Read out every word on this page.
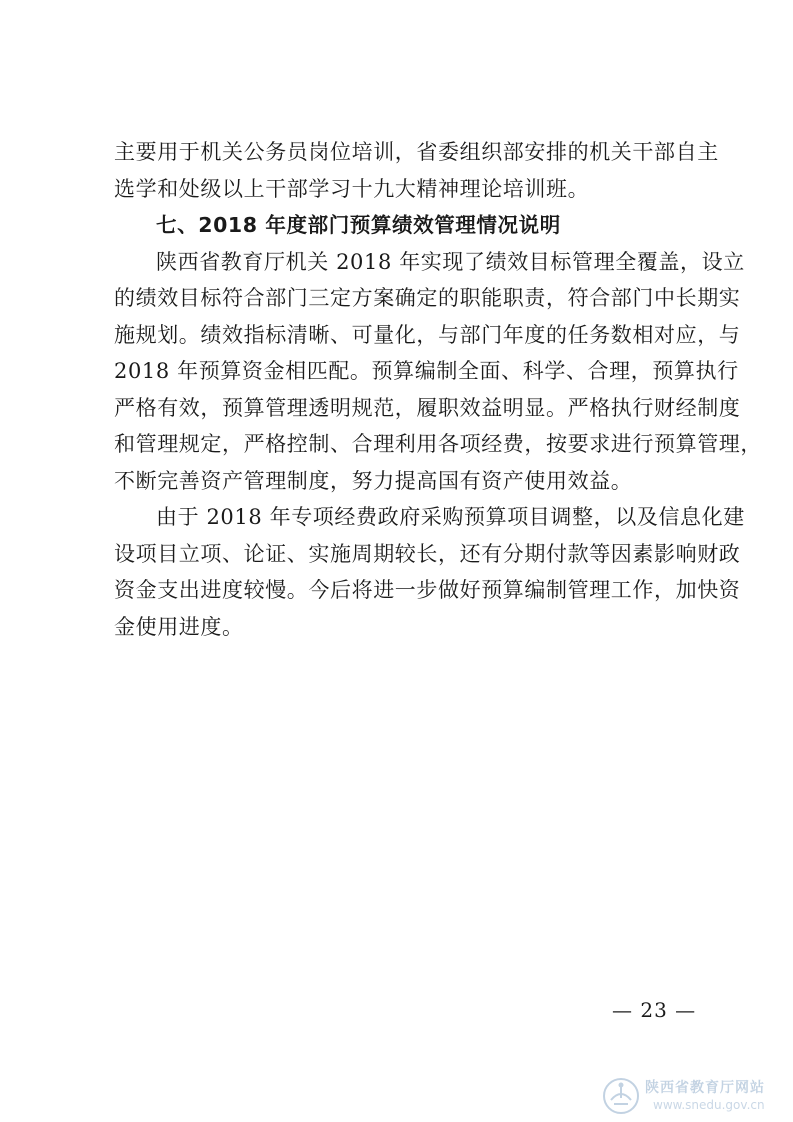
主要用于机关公务员岗位培训，省委组织部安排的机关干部自主
选学和处级以上干部学习十九大精神理论培训班。
七、2018 年度部门预算绩效管理情况说明
陕西省教育厅机关 2018 年实现了绩效目标管理全覆盖，设立
的绩效目标符合部门三定方案确定的职能职责，符合部门中长期实
施规划。绩效指标清晰、可量化，与部门年度的任务数相对应，与
2018 年预算资金相匹配。预算编制全面、科学、合理，预算执行
严格有效，预算管理透明规范，履职效益明显。严格执行财经制度
和管理规定，严格控制、合理利用各项经费，按要求进行预算管理，
不断完善资产管理制度，努力提高国有资产使用效益。
由于 2018 年专项经费政府采购预算项目调整，以及信息化建
设项目立项、论证、实施周期较长，还有分期付款等因素影响财政
资金支出进度较慢。今后将进一步做好预算编制管理工作，加快资
金使用进度。
— 23 —
陕西省教育厅网站
www.snedu.gov.cn
